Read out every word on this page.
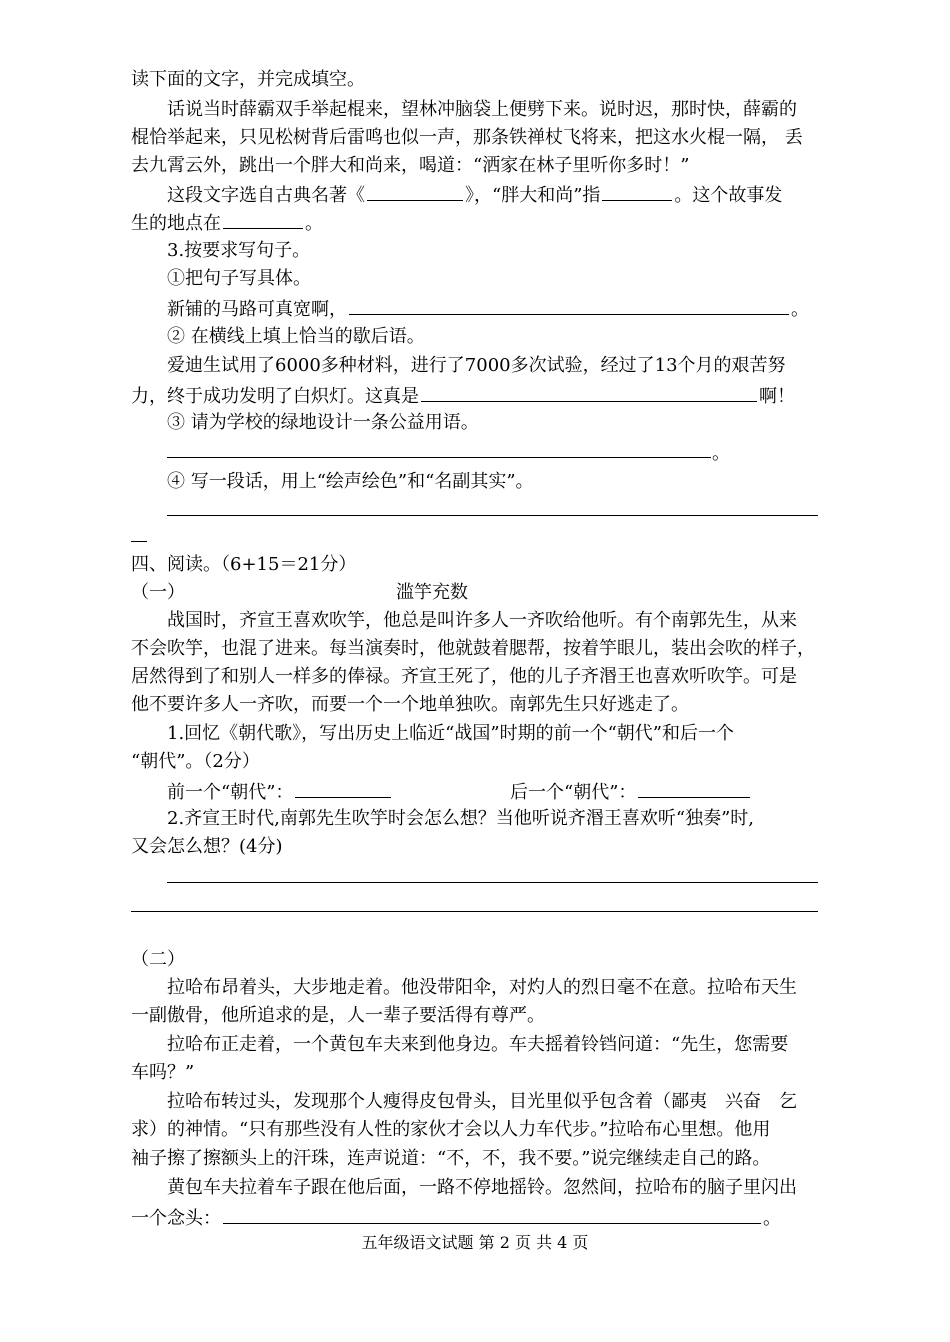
读下面的文字，并完成填空。
话说当时薛霸双手举起棍来，望林冲脑袋上便劈下来。说时迟，那时快，薛霸的
棍恰举起来，只见松树背后雷鸣也似一声，那条铁禅杖飞将来，把这水火棍一隔， 丢
去九霄云外，跳出一个胖大和尚来，喝道：“洒家在林子里听你多时！”
这段文字选自古典名著《	》，“胖大和尚”指	。这个故事发
生的地点在	。
3.按要求写句子。
①把句子写具体。
新铺的马路可真宽啊，	。
② 在横线上填上恰当的歇后语。
爱迪生试用了6000多种材料，进行了7000多次试验，经过了13个月的艰苦努
力，终于成功发明了白炽灯。这真是	啊！
③ 请为学校的绿地设计一条公益用语。
。
④ 写一段话，用上“绘声绘色”和“名副其实”。
四、阅读。（6+15＝21分）
（一）	滥竽充数
战国时，齐宣王喜欢吹竽，他总是叫许多人一齐吹给他听。有个南郭先生，从来
不会吹竽，也混了进来。每当演奏时，他就鼓着腮帮，按着竽眼儿，装出会吹的样子，
居然得到了和别人一样多的俸禄。齐宣王死了，他的儿子齐湣王也喜欢听吹竽。可是
他不要许多人一齐吹，而要一个一个地单独吹。南郭先生只好逃走了。
1.回忆《朝代歌》，写出历史上临近“战国”时期的前一个“朝代”和后一个
“朝代”。（2分）
前一个“朝代”：	后一个“朝代”：
2.齐宣王时代,南郭先生吹竽时会怎么想？当他听说齐湣王喜欢听“独奏”时,
又会怎么想？(4分)
（二）
拉哈布昂着头，大步地走着。他没带阳伞，对灼人的烈日毫不在意。拉哈布天生
一副傲骨，他所追求的是，人一辈子要活得有尊严。
拉哈布正走着，一个黄包车夫来到他身边。车夫摇着铃铛问道：“先生，您需要
车吗？”
拉哈布转过头，发现那个人瘦得皮包骨头，目光里似乎包含着（鄙夷　兴奋　乞
求）的神情。“只有那些没有人性的家伙才会以人力车代步。”拉哈布心里想。他用
袖子擦了擦额头上的汗珠，连声说道：“不，不，我不要。”说完继续走自己的路。
黄包车夫拉着车子跟在他后面，一路不停地摇铃。忽然间，拉哈布的脑子里闪出
一个念头：	。
五年级语文试题 第 2 页 共 4 页
